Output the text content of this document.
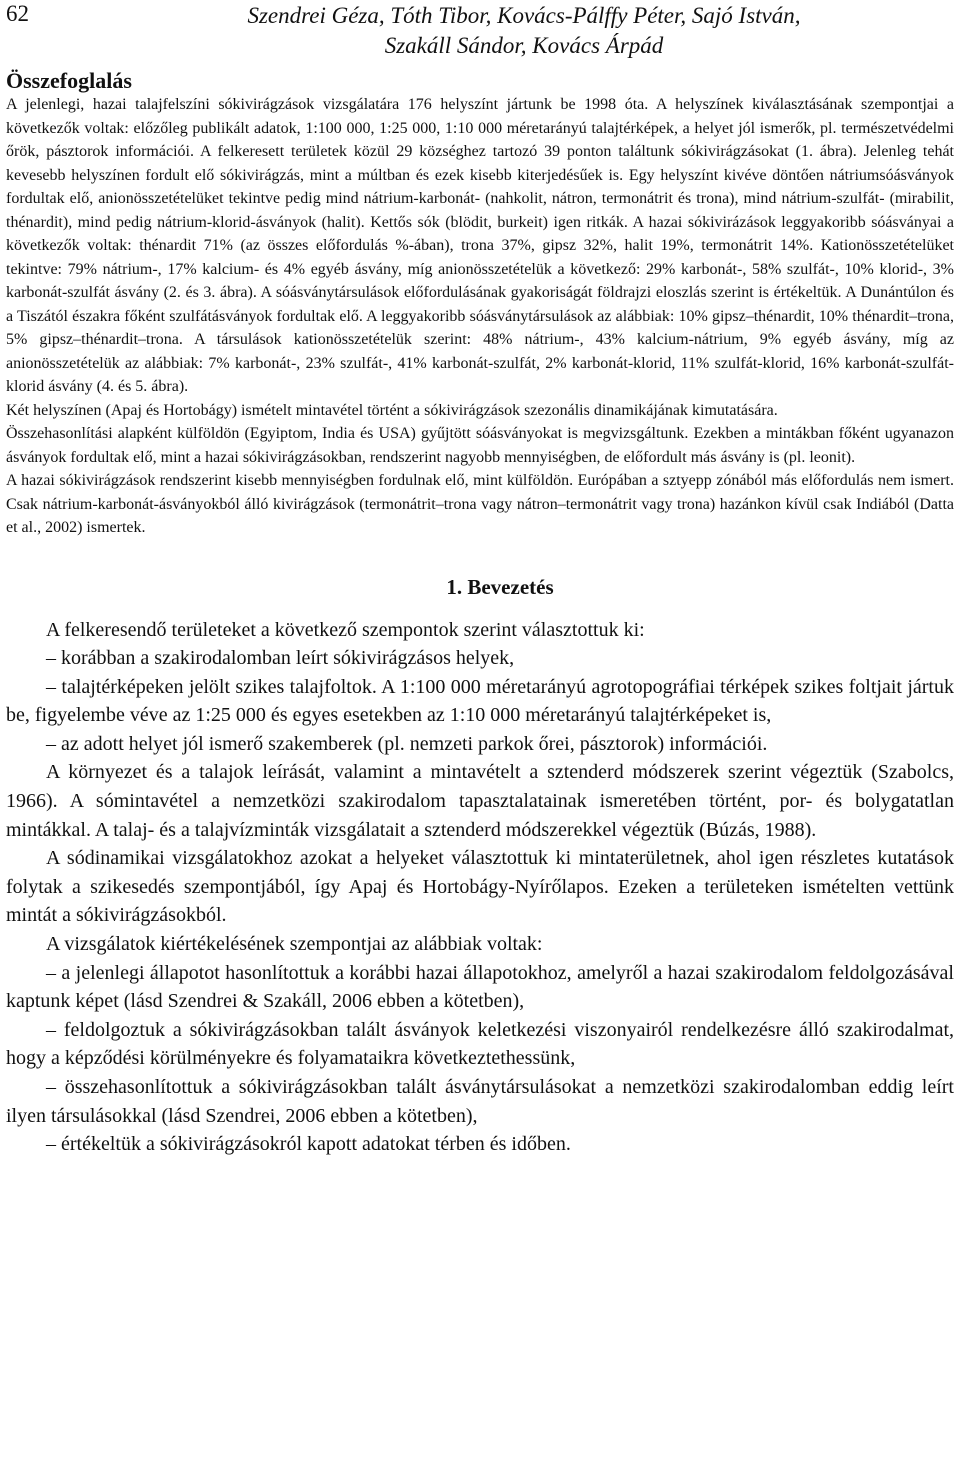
62	Szendrei Géza, Tóth Tibor, Kovács-Pálffy Péter, Sajó István,
Szakáll Sándor, Kovács Árpád
Összefoglalás

A jelenlegi, hazai talajfelszíni sókivirágzások vizsgálatára 176 helyszínt jártunk be 1998 óta. A helyszínek kiválasztásának szempontjai a következők voltak: előzőleg publikált adatok, 1:100 000, 1:25 000, 1:10 000 méretarányú talajtérképek, a helyet jól ismerők, pl. természetvédelmi őrök, pásztorok információi. A felkeresett területek közül 29 községhez tartozó 39 ponton találtunk sókivirágzásokat (1. ábra). Jelenleg tehát kevesebb helyszínen fordult elő sókivirágzás, mint a múltban és ezek kisebb kiterjedésűek is. Egy helyszínt kivéve döntően nátriumsóásványok fordultak elő, anionösszetételüket tekintve pedig mind nátrium-karbonát- (nahkolit, nátron, termonátrit és trona), mind nátrium-szulfát- (mirabilit, thénardit), mind pedig nátrium-klorid-ásványok (halit). Kettős sók (blödit, burkeit) igen ritkák. A hazai sókivirázások leggyakoribb sóásványai a következők voltak: thénardit 71% (az összes előfordulás %-ában), trona 37%, gipsz 32%, halit 19%, termonátrit 14%. Kationösszetételüket tekintve: 79% nátrium-, 17% kalcium- és 4% egyéb ásvány, míg anionösszetételük a következő: 29% karbonát-, 58% szulfát-, 10% klorid-, 3% karbonát-szulfát ásvány (2. és 3. ábra). A sóásványtársulások előfordulásának gyakoriságát földrajzi eloszlás szerint is értékeltük. A Dunántúlon és a Tiszától északra főként szulfátásványok fordultak elő. A leggyakoribb sóásványtársulások az alábbiak: 10% gipsz–thénardit, 10% thénardit–trona, 5% gipsz–thénardit–trona. A társulások kationösszetételük szerint: 48% nátrium-, 43% kalcium-nátrium, 9% egyéb ásvány, míg az anionösszetételük az alábbiak: 7% karbonát-, 23% szulfát-, 41% karbonát-szulfát, 2% karbonát-klorid, 11% szulfát-klorid, 16% karbonát-szulfát-klorid ásvány (4. és 5. ábra).

Két helyszínen (Apaj és Hortobágy) ismételt mintavétel történt a sókivirágzások szezonális dinamikájának kimutatására.

Összehasonlítási alapként külföldön (Egyiptom, India és USA) gyűjtött sóásványokat is megvizsgáltunk. Ezekben a mintákban főként ugyanazon ásványok fordultak elő, mint a hazai sókivirágzásokban, rendszerint nagyobb mennyiségben, de előfordult más ásvány is (pl. leonit).

A hazai sókivirágzások rendszerint kisebb mennyiségben fordulnak elő, mint külföldön. Európában a sztyepp zónából más előfordulás nem ismert. Csak nátrium-karbonát-ásványokból álló kivirágzások (termonátrit–trona vagy nátron–termonátrit vagy trona) hazánkon kívül csak Indiából (Datta et al., 2002) ismertek.

1. Bevezetés

A felkeresendő területeket a következő szempontok szerint választottuk ki:

– korábban a szakirodalomban leírt sókivirágzásos helyek,

– talajtérképeken jelölt szikes talajfoltok. A 1:100 000 méretarányú agrotopográfiai térképek szikes foltjait jártuk be, figyelembe véve az 1:25 000 és egyes esetekben az 1:10 000 méretarányú talajtérképeket is,

– az adott helyet jól ismerő szakemberek (pl. nemzeti parkok őrei, pásztorok) információi.

A környezet és a talajok leírását, valamint a mintavételt a sztenderd módszerek szerint végeztük (Szabolcs, 1966). A sómintavétel a nemzetközi szakirodalom tapasztalatainak ismeretében történt, por- és bolygatatlan mintákkal. A talaj- és a talajvízminták vizsgálatait a sztenderd módszerekkel végeztük (Búzás, 1988).

A sódinamikai vizsgálatokhoz azokat a helyeket választottuk ki mintaterületnek, ahol igen részletes kutatások folytak a szikesedés szempontjából, így Apaj és Hortobágy-Nyírőlapos. Ezeken a területeken ismételten vettünk mintát a sókivirágzásokból.

A vizsgálatok kiértékelésének szempontjai az alábbiak voltak:

– a jelenlegi állapotot hasonlítottuk a korábbi hazai állapotokhoz, amelyről a hazai szakirodalom feldolgozásával kaptunk képet (lásd Szendrei & Szakáll, 2006 ebben a kötetben),

– feldolgoztuk a sókivirágzásokban talált ásványok keletkezési viszonyairól rendelkezésre álló szakirodalmat, hogy a képződési körülményekre és folyamataikra következtethessünk,

– összehasonlítottuk a sókivirágzásokban talált ásványtársulásokat a nemzetközi szakirodalomban eddig leírt ilyen társulásokkal (lásd Szendrei, 2006 ebben a kötetben),

– értékeltük a sókivirágzásokról kapott adatokat térben és időben.
